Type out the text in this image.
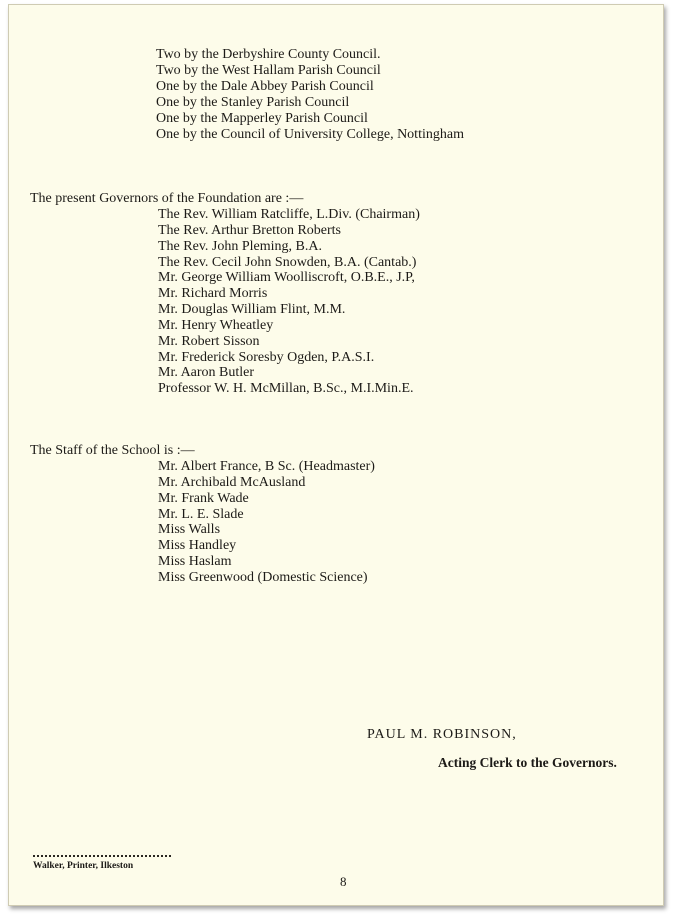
Two by the Derbyshire County Council.
Two by the West Hallam Parish Council
One by the Dale Abbey Parish Council
One by the Stanley Parish Council
One by the Mapperley Parish Council
One by the Council of University College, Nottingham
The present Governors of the Foundation are :—
The Rev. William Ratcliffe, L.Div. (Chairman)
The Rev. Arthur Bretton Roberts
The Rev. John Pleming, B.A.
The Rev. Cecil John Snowden, B.A. (Cantab.)
Mr. George William Woolliscroft, O.B.E., J.P,
Mr. Richard Morris
Mr. Douglas William Flint, M.M.
Mr. Henry Wheatley
Mr. Robert Sisson
Mr. Frederick Soresby Ogden, P.A.S.I.
Mr. Aaron Butler
Professor W. H. McMillan, B.Sc., M.I.Min.E.
The Staff of the School is :—
Mr. Albert France, B Sc. (Headmaster)
Mr. Archibald McAusland
Mr. Frank Wade
Mr. L. E. Slade
Miss Walls
Miss Handley
Miss Haslam
Miss Greenwood (Domestic Science)
PAUL M. ROBINSON,
Acting Clerk to the Governors.
Walker, Printer, Ilkeston
8
